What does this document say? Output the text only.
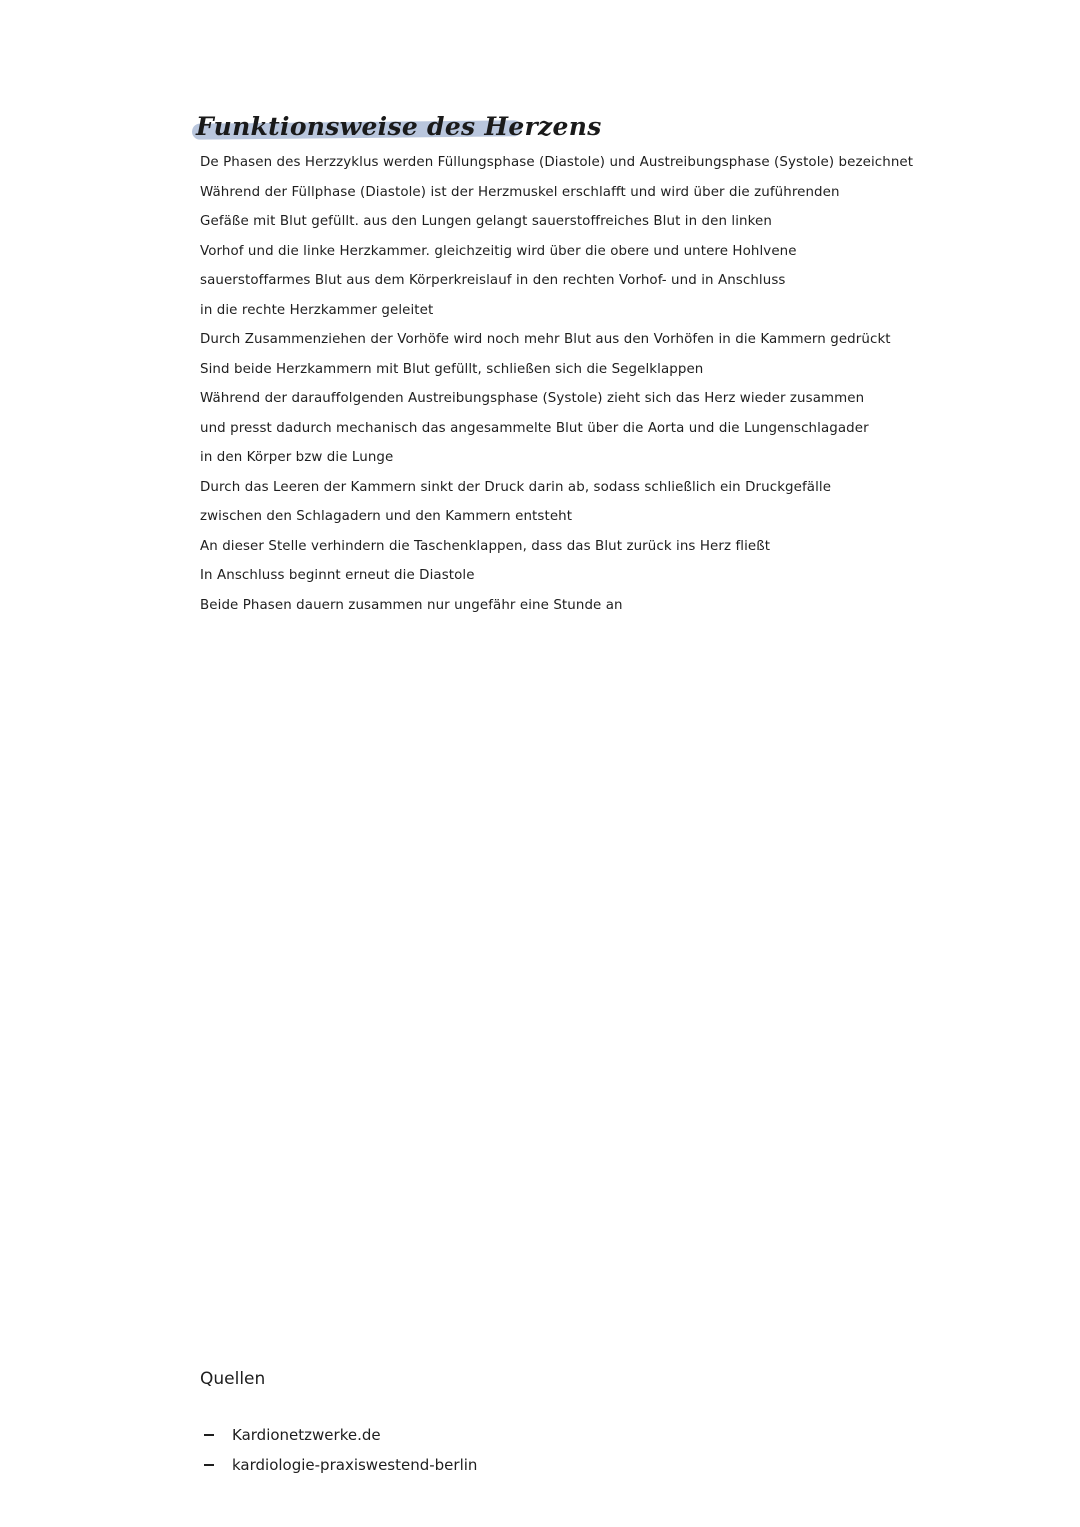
Funktionsweise des Herzens
De Phasen des Herzzyklus werden Füllungsphase (Diastole) und Austreibungsphase (Systole) bezeichnet
Während der Füllphase (Diastole) ist der Herzmuskel erschlafft und wird über die zuführenden
Gefäße mit Blut gefüllt. aus den Lungen gelangt sauerstoffreiches Blut in den linken
Vorhof und die linke Herzkammer. gleichzeitig wird über die obere und untere Hohlvene
sauerstoffarmes Blut aus dem Körperkreislauf in den rechten Vorhof- und in Anschluss
in die rechte Herzkammer geleitet
Durch Zusammenziehen der Vorhöfe wird noch mehr Blut aus den Vorhöfen in die Kammern gedrückt
Sind beide Herzkammern mit Blut gefüllt, schließen sich die Segelklappen
Während der darauffolgenden Austreibungsphase (Systole) zieht sich das Herz wieder zusammen
und presst dadurch mechanisch das angesammelte Blut über die Aorta und die Lungenschlagader
in den Körper bzw die Lunge
Durch das Leeren der Kammern sinkt der Druck darin ab, sodass schließlich ein Druckgefälle
zwischen den Schlagadern und den Kammern entsteht
An dieser Stelle verhindern die Taschenklappen, dass das Blut zurück ins Herz fließt
In Anschluss beginnt erneut die Diastole
Beide Phasen dauern zusammen nur ungefähr eine Stunde an
Quellen
Kardionetzwerke.de
kardiologie-praxiswestend-berlin
